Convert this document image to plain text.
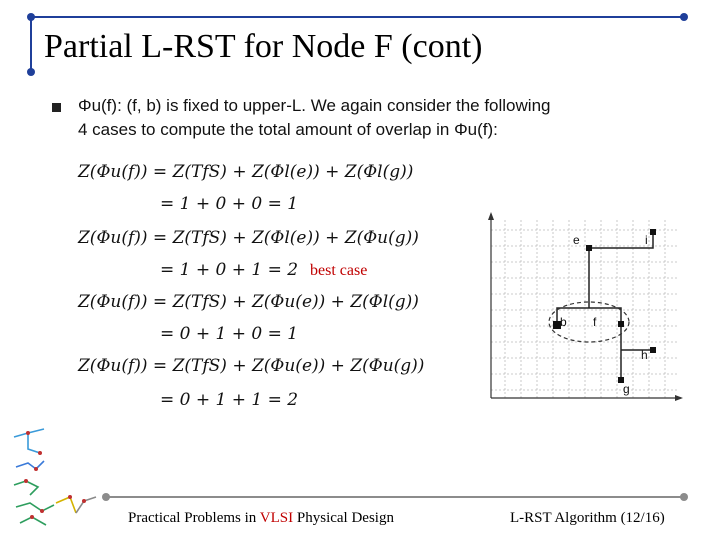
Partial L-RST for Node F (cont)
Φu(f): (f, b) is fixed to upper-L. We again consider the following
4 cases to compute the total amount of overlap in Φu(f):
Z(Φu(f)) = Z(TfS) + Z(Φl(e)) + Z(Φl(g))
= 1 + 0 + 0 = 1
Z(Φu(f)) = Z(TfS) + Z(Φl(e)) + Z(Φu(g))
= 1 + 0 + 1 = 2 best case
Z(Φu(f)) = Z(TfS) + Z(Φu(e)) + Z(Φl(g))
= 0 + 1 + 0 = 1
Z(Φu(f)) = Z(TfS) + Z(Φu(e)) + Z(Φu(g))
= 0 + 1 + 1 = 2
e	i
b f
h
g
Practical Problems in VLSI Physical Design	L-RST Algorithm (12/16)
